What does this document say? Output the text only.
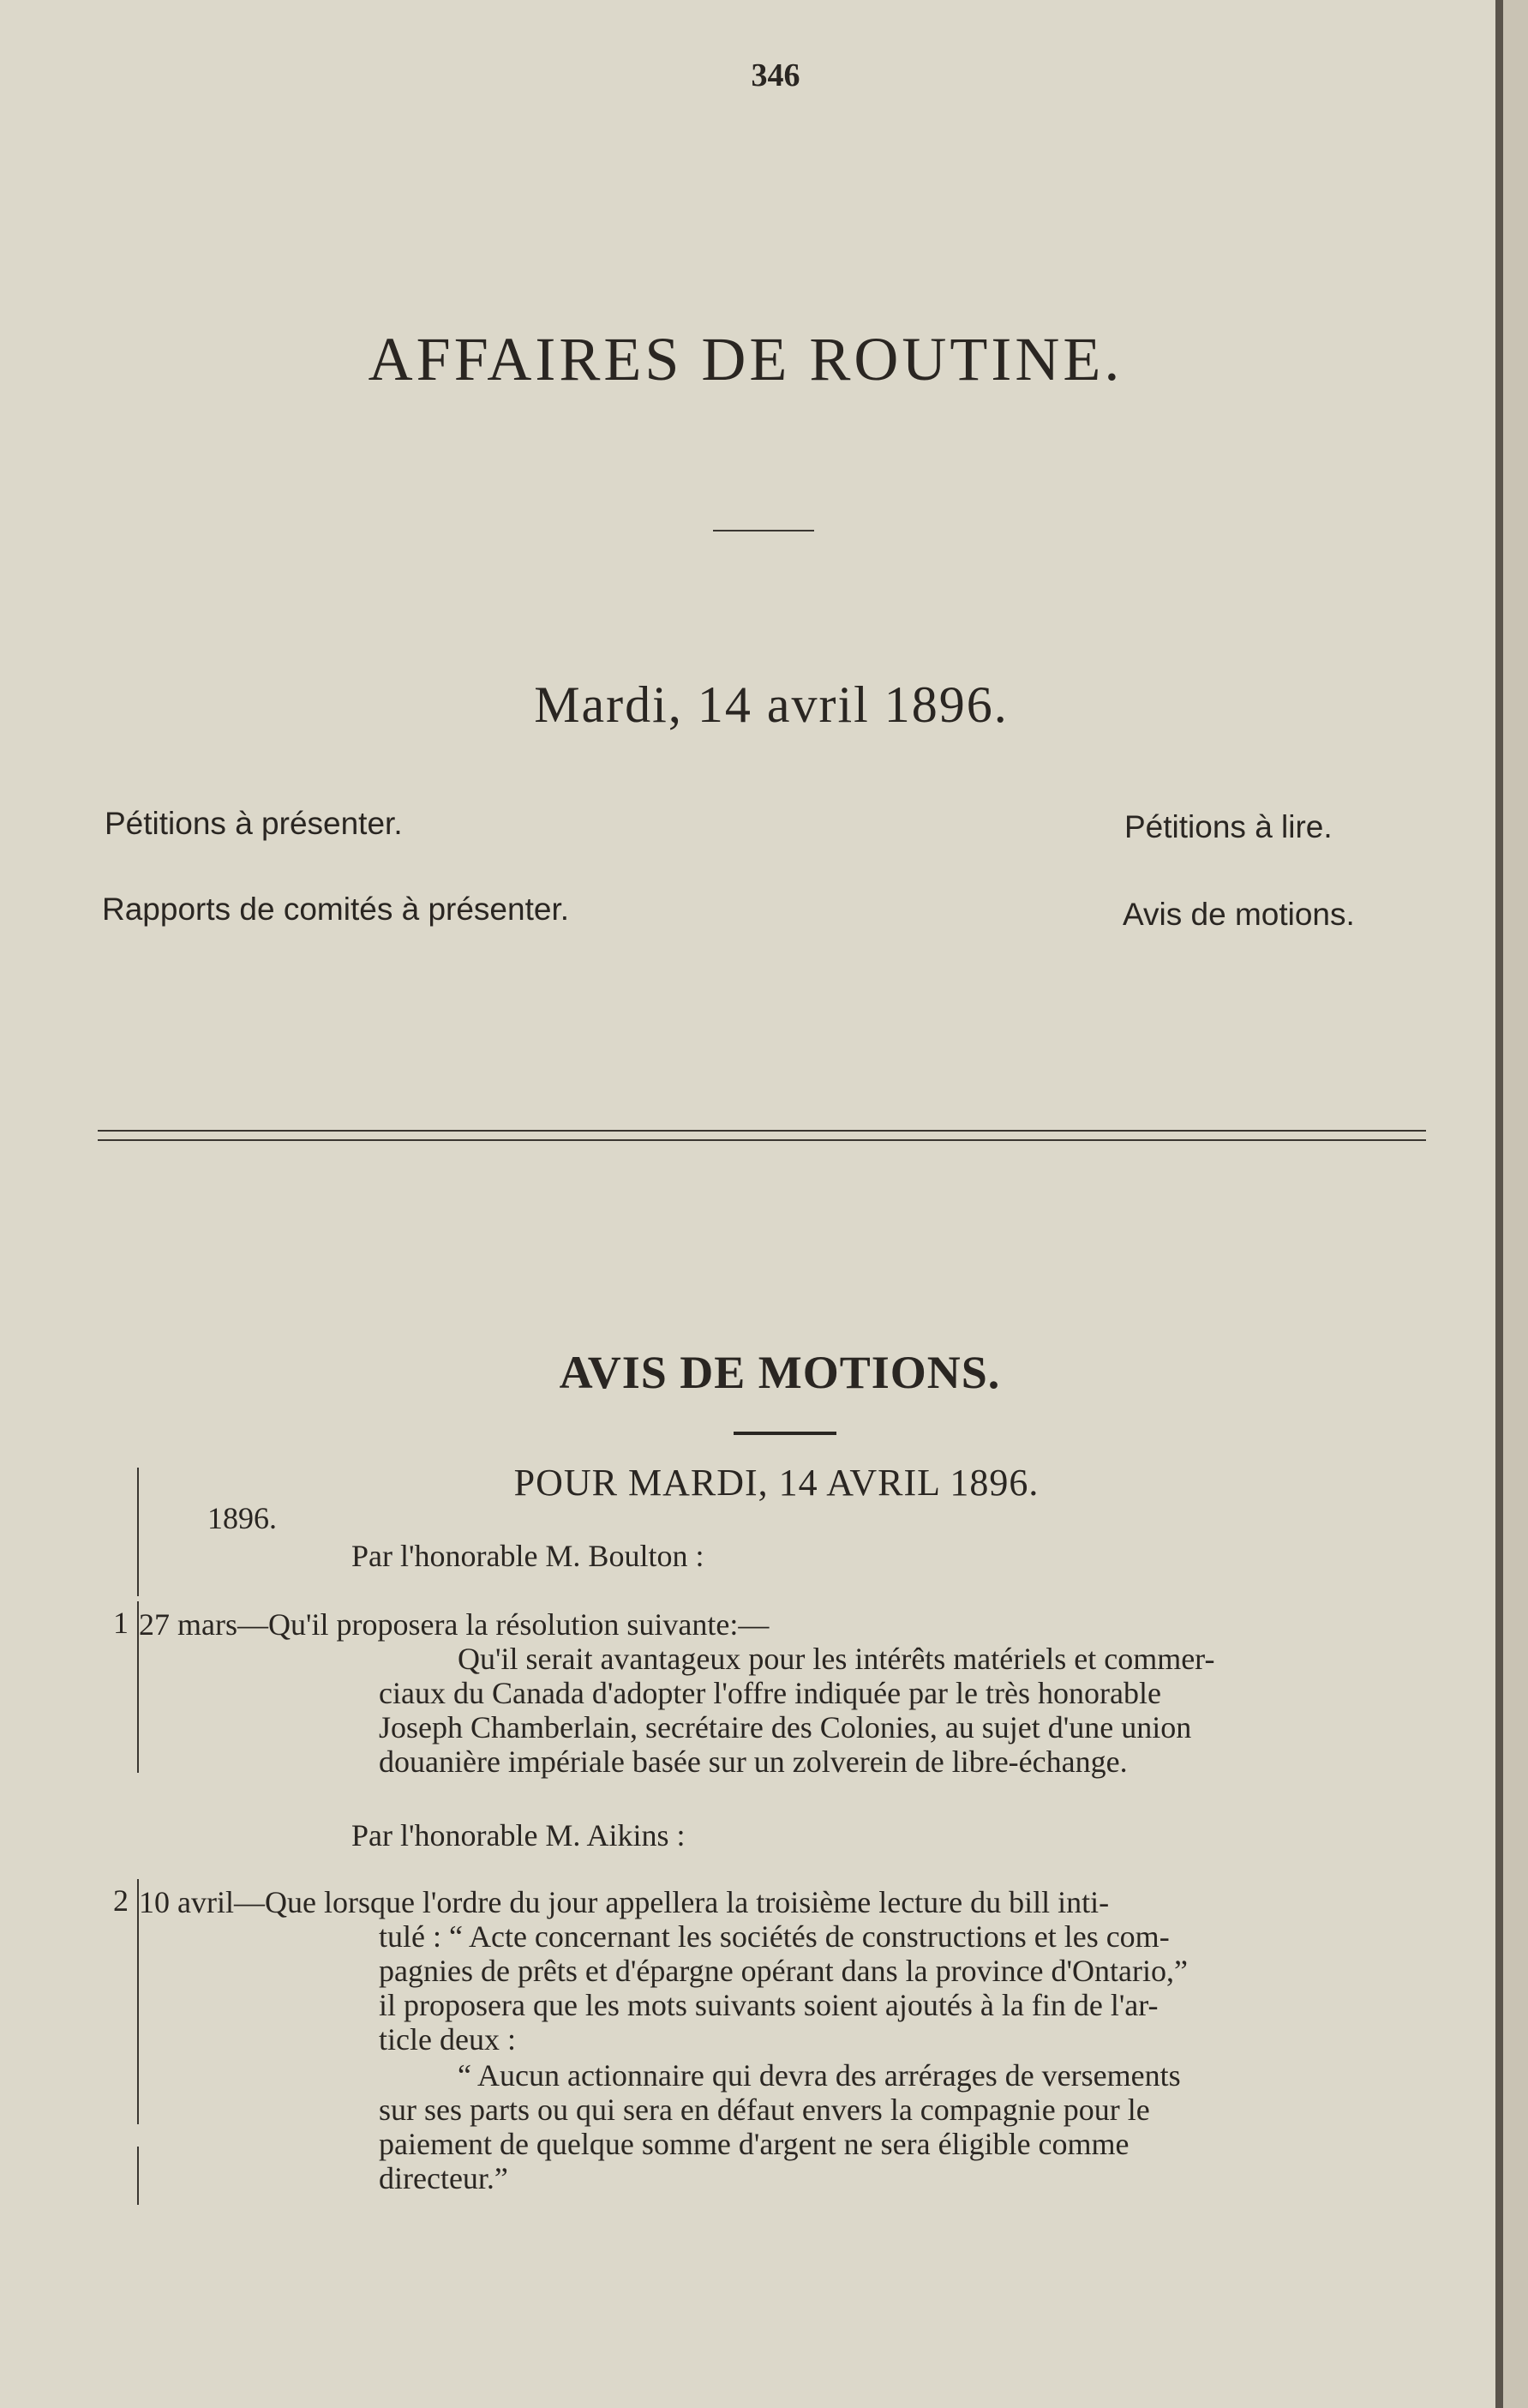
346
AFFAIRES DE ROUTINE.
Mardi, 14 avril 1896.
Pétitions à présenter.	Pétitions à lire.
Rapports de comités à présenter.	Avis de motions.
AVIS DE MOTIONS.
POUR MARDI, 14 AVRIL 1896.
1896.
Par l'honorable M. Boulton :
1 27 mars—Qu'il proposera la résolution suivante:—
Qu'il serait avantageux pour les intérêts matériels et commer-
ciaux du Canada d'adopter l'offre indiquée par le très honorable
Joseph Chamberlain, secrétaire des Colonies, au sujet d'une union
douanière impériale basée sur un zolverein de libre-échange.
Par l'honorable M. Aikins :
2 10 avril—Que lorsque l'ordre du jour appellera la troisième lecture du bill inti-
tulé : “ Acte concernant les sociétés de constructions et les com-
pagnies de prêts et d'épargne opérant dans la province d'Ontario,”
il proposera que les mots suivants soient ajoutés à la fin de l'ar-
ticle deux :
“ Aucun actionnaire qui devra des arrérages de versements
sur ses parts ou qui sera en défaut envers la compagnie pour le
paiement de quelque somme d'argent ne sera éligible comme
directeur.”
